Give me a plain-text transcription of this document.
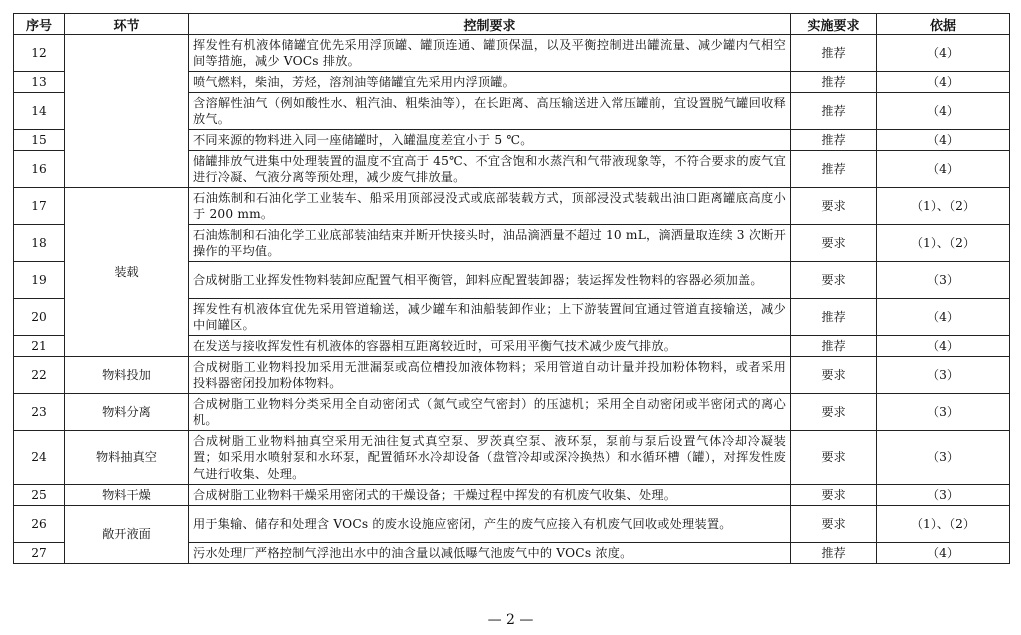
序号	环节	控制要求	实施要求	依据
12		挥发性有机液体储罐宜优先采用浮顶罐、罐顶连通、罐顶保温，以及平衡控制进出罐流量、减少罐内气相空间等措施，减少 VOCs 排放。	推荐	（4）
13		喷气燃料，柴油，芳烃，溶剂油等储罐宜先采用内浮顶罐。	推荐	（4）
14		含溶解性油气（例如酸性水、粗汽油、粗柴油等），在长距离、高压输送进入常压罐前，宜设置脱气罐回收释放气。	推荐	（4）
15		不同来源的物料进入同一座储罐时，入罐温度差宜小于 5 ℃。	推荐	（4）
16		储罐排放气进集中处理装置的温度不宜高于 45℃、不宜含饱和水蒸汽和气带液现象等，不符合要求的废气宜进行冷凝、气液分离等预处理，减少废气排放量。	推荐	（4）
17	装载	石油炼制和石油化学工业装车、船采用顶部浸没式或底部装载方式，顶部浸没式装载出油口距离罐底高度小于 200 mm。	要求	（1）、（2）
18		石油炼制和石油化学工业底部装油结束并断开快接头时，油品滴洒量不超过 10 mL，滴洒量取连续 3 次断开操作的平均值。	要求	（1）、（2）
19		合成树脂工业挥发性物料装卸应配置气相平衡管，卸料应配置装卸器；装运挥发性物料的容器必须加盖。	要求	（3）
20		挥发性有机液体宜优先采用管道输送，减少罐车和油船装卸作业；上下游装置间宜通过管道直接输送，减少中间罐区。	推荐	（4）
21		在发送与接收挥发性有机液体的容器相互距离较近时，可采用平衡气技术减少废气排放。	推荐	（4）
22	物料投加	合成树脂工业物料投加采用无泄漏泵或高位槽投加液体物料；采用管道自动计量并投加粉体物料，或者采用投料器密闭投加粉体物料。	要求	（3）
23	物料分离	合成树脂工业物料分类采用全自动密闭式（氮气或空气密封）的压滤机；采用全自动密闭或半密闭式的离心机。	要求	（3）
24	物料抽真空	合成树脂工业物料抽真空采用无油往复式真空泵、罗茨真空泵、液环泵，泵前与泵后设置气体冷却冷凝装置；如采用水喷射泵和水环泵，配置循环水冷却设备（盘管冷却或深冷换热）和水循环槽（罐），对挥发性废气进行收集、处理。	要求	（3）
25	物料干燥	合成树脂工业物料干燥采用密闭式的干燥设备；干燥过程中挥发的有机废气收集、处理。	要求	（3）
26	敞开液面	用于集输、储存和处理含 VOCs 的废水设施应密闭，产生的废气应接入有机废气回收或处理装置。	要求	（1）、（2）
27		污水处理厂严格控制气浮池出水中的油含量以减低曝气池废气中的 VOCs 浓度。	推荐	（4）
— 2 —
